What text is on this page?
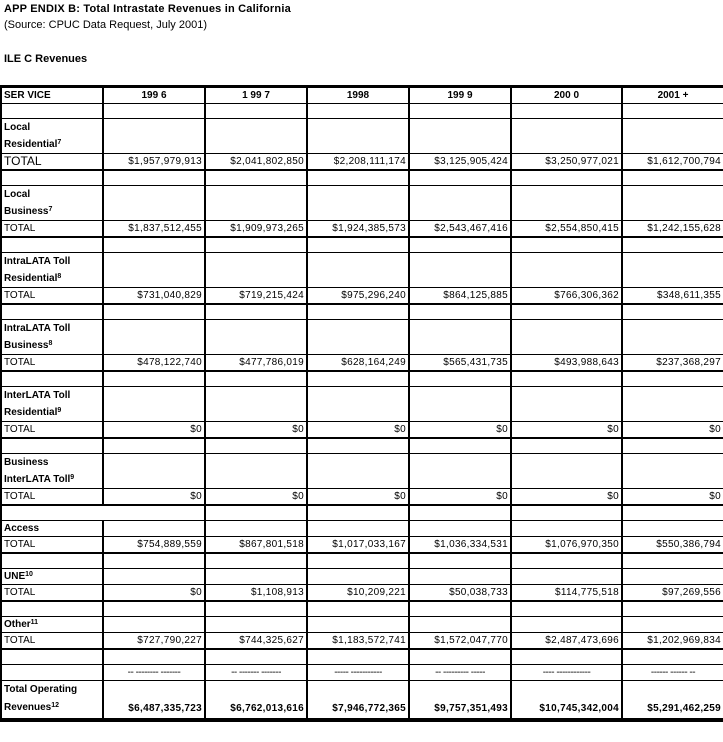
APP ENDIX B: Total Intrastate Revenues in California
(Source: CPUC Data Request, July 2001)
ILE C Revenues
SER VICE	199 6	1 99 7	1998	199 9	200 0	2001 +

Local
Residential$^7$

TOTAL	$1,957,979,913	$2,041,802,850	$2,208,111,174	$3,125,905,424	$3,250,977,021	$1,612,700,794

Local
Business$^7$

TOTAL	$1,837,512,455	$1,909,973,265	$1,924,385,573	$2,543,467,416	$2,554,850,415	$1,242,155,628

IntraLATA Toll
Residential$^8$

TOTAL	$731,040,829	$719,215,424	$975,296,240	$864,125,885	$766,306,362	$348,611,355

IntraLATA Toll
Business$^8$

TOTAL	$478,122,740	$477,786,019	$628,164,249	$565,431,735	$493,988,643	$237,368,297

InterLATA Toll
Residential$^9$

TOTAL	$0	$0	$0	$0	$0	$0

Business
InterLATA Toll$^9$

TOTAL	$0	$0	$0	$0	$0	$0

Access						
TOTAL	$754,889,559	$867,801,518	$1,017,033,167	$1,036,334,531	$1,076,970,350	$550,386,794

UNE$^{10}$						
TOTAL	$0	$1,108,913	$10,209,221	$50,038,733	$114,775,518	$97,269,556

Other$^{11}$						
TOTAL	$727,790,227	$744,325,627	$1,183,572,741	$1,572,047,770	$2,487,473,696	$1,202,969,834

	-- -------- -------	-- ------- -------	----- -----------	-- --------- -----	---- ------------	------ ------ --

Total Operating
Revenues$^{12}$	$6,487,335,723	$6,762,013,616	$7,946,772,365	$9,757,351,493	$10,745,342,004	$5,291,462,259
